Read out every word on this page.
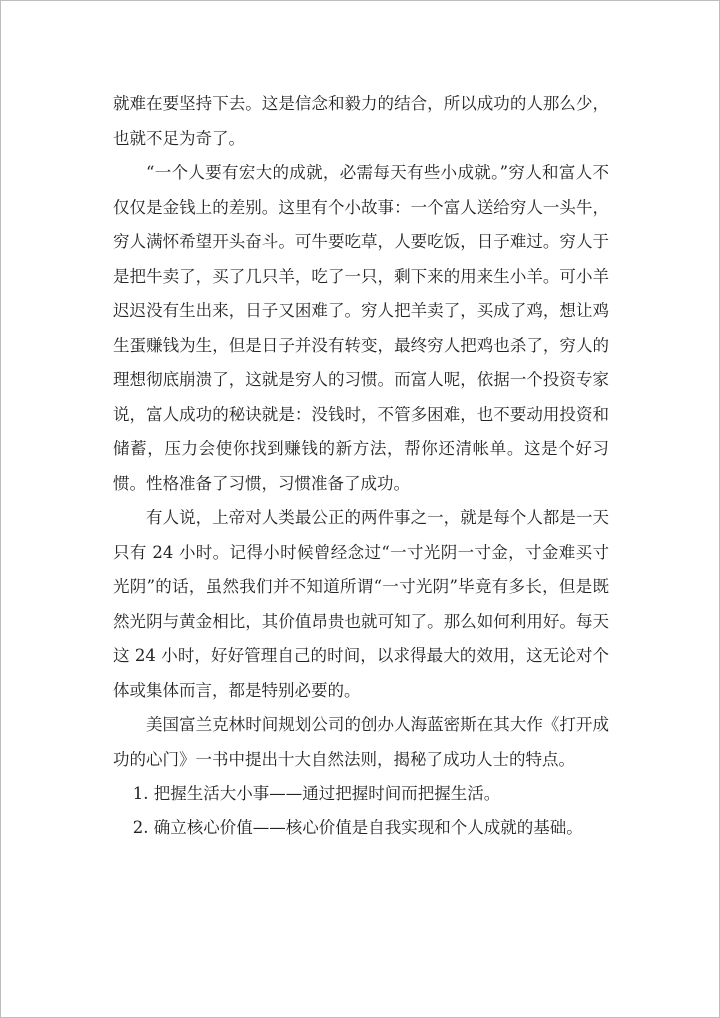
就难在要坚持下去。这是信念和毅力的结合，所以成功的人那么少，也就不足为奇了。

“一个人要有宏大的成就，必需每天有些小成就。”穷人和富人不仅仅是金钱上的差别。这里有个小故事：一个富人送给穷人一头牛，穷人满怀希望开头奋斗。可牛要吃草，人要吃饭，日子难过。穷人于是把牛卖了，买了几只羊，吃了一只，剩下来的用来生小羊。可小羊迟迟没有生出来，日子又困难了。穷人把羊卖了，买成了鸡，想让鸡生蛋赚钱为生，但是日子并没有转变，最终穷人把鸡也杀了，穷人的理想彻底崩溃了，这就是穷人的习惯。而富人呢，依据一个投资专家说，富人成功的秘诀就是：没钱时，不管多困难，也不要动用投资和储蓄，压力会使你找到赚钱的新方法，帮你还清帐单。这是个好习惯。性格准备了习惯，习惯准备了成功。

有人说，上帝对人类最公正的两件事之一，就是每个人都是一天只有 24 小时。记得小时候曾经念过“一寸光阴一寸金，寸金难买寸光阴”的话，虽然我们并不知道所谓“一寸光阴”毕竟有多长，但是既然光阴与黄金相比，其价值昂贵也就可知了。那么如何利用好。每天这 24 小时，好好管理自己的时间，以求得最大的效用，这无论对个体或集体而言，都是特别必要的。

美国富兰克林时间规划公司的创办人海蓝密斯在其大作《打开成功的心门》一书中提出十大自然法则，揭秘了成功人士的特点。

1. 把握生活大小事——通过把握时间而把握生活。

2. 确立核心价值——核心价值是自我实现和个人成就的基础。
